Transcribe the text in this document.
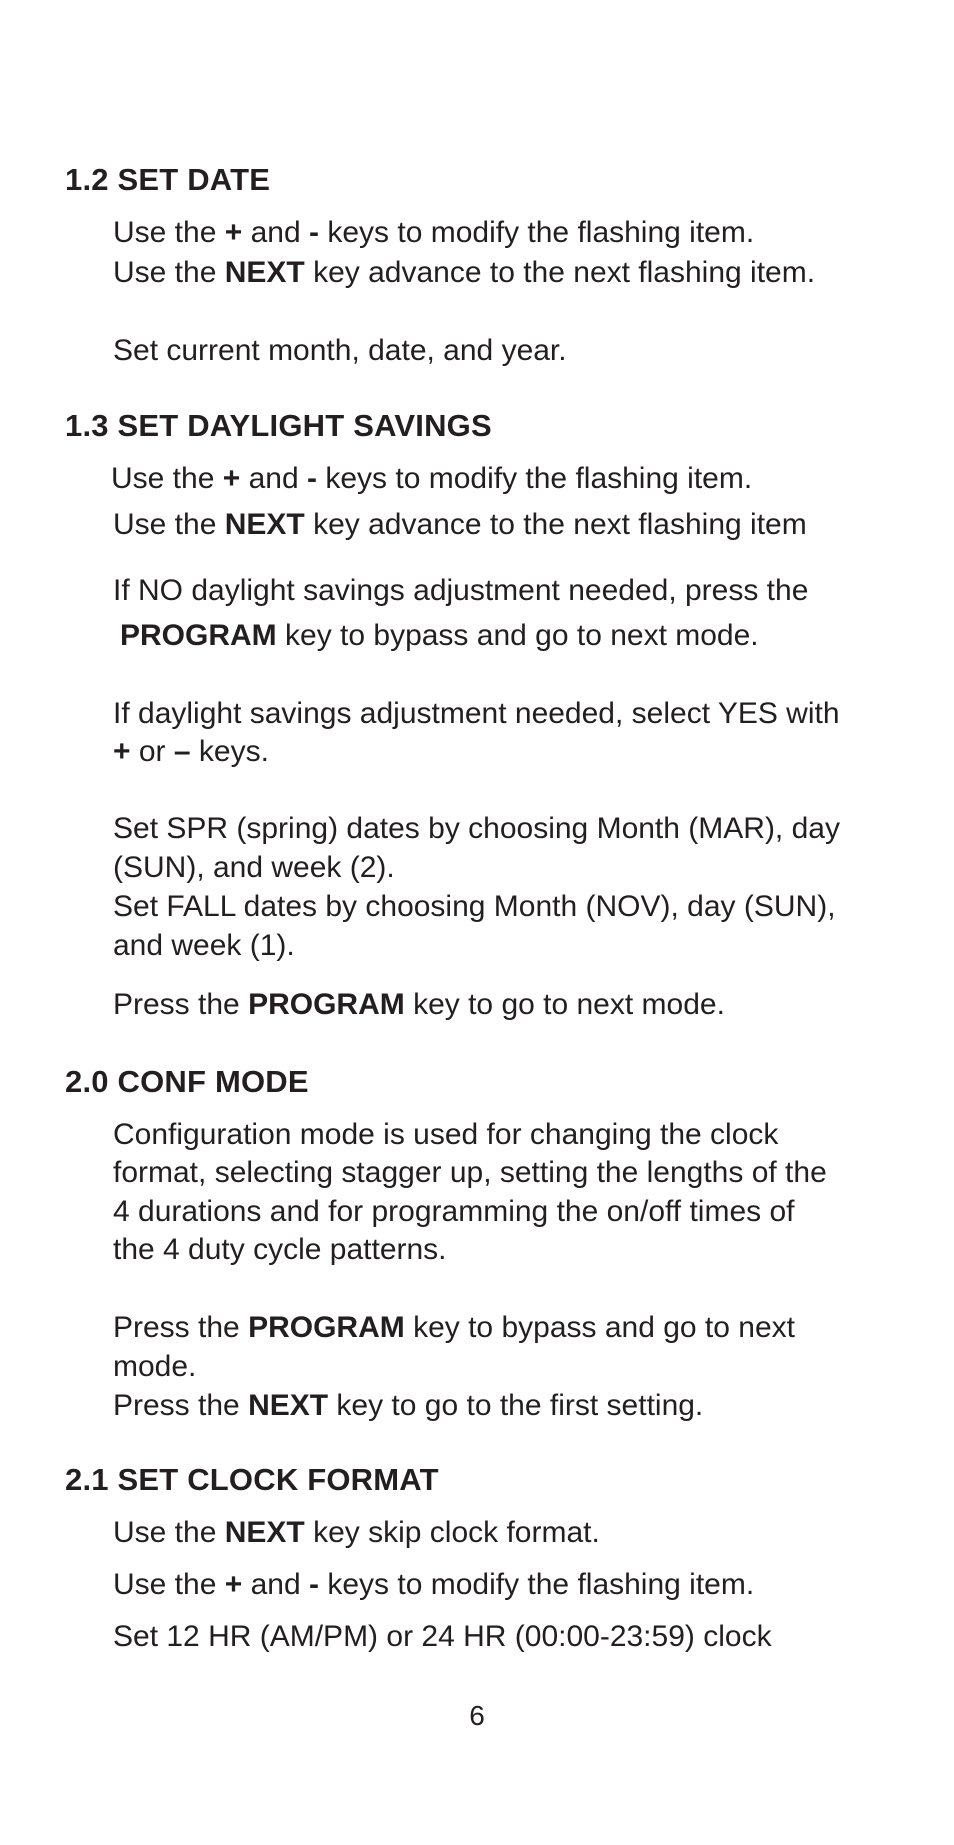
1.2 SET DATE
Use the + and - keys to modify the flashing item.
Use the NEXT key advance to the next flashing item.
Set current month, date, and year.
1.3 SET DAYLIGHT SAVINGS
Use the + and - keys to modify the flashing item.
Use the NEXT key advance to the next flashing item
If NO daylight savings adjustment needed, press the
PROGRAM key to bypass and go to next mode.
If daylight savings adjustment needed, select YES with
+ or – keys.
Set SPR (spring) dates by choosing Month (MAR), day
(SUN), and week (2).
Set FALL dates by choosing Month (NOV), day (SUN),
and week (1).
Press the PROGRAM key to go to next mode.
2.0 CONF MODE
Configuration mode is used for changing the clock
format, selecting stagger up, setting the lengths of the
4 durations and for programming the on/off times of
the 4 duty cycle patterns.
Press the PROGRAM key to bypass and go to next
mode.
Press the NEXT key to go to the first setting.
2.1 SET CLOCK FORMAT
Use the NEXT key skip clock format.
Use the + and - keys to modify the flashing item.
Set 12 HR (AM/PM) or 24 HR (00:00-23:59) clock
6
